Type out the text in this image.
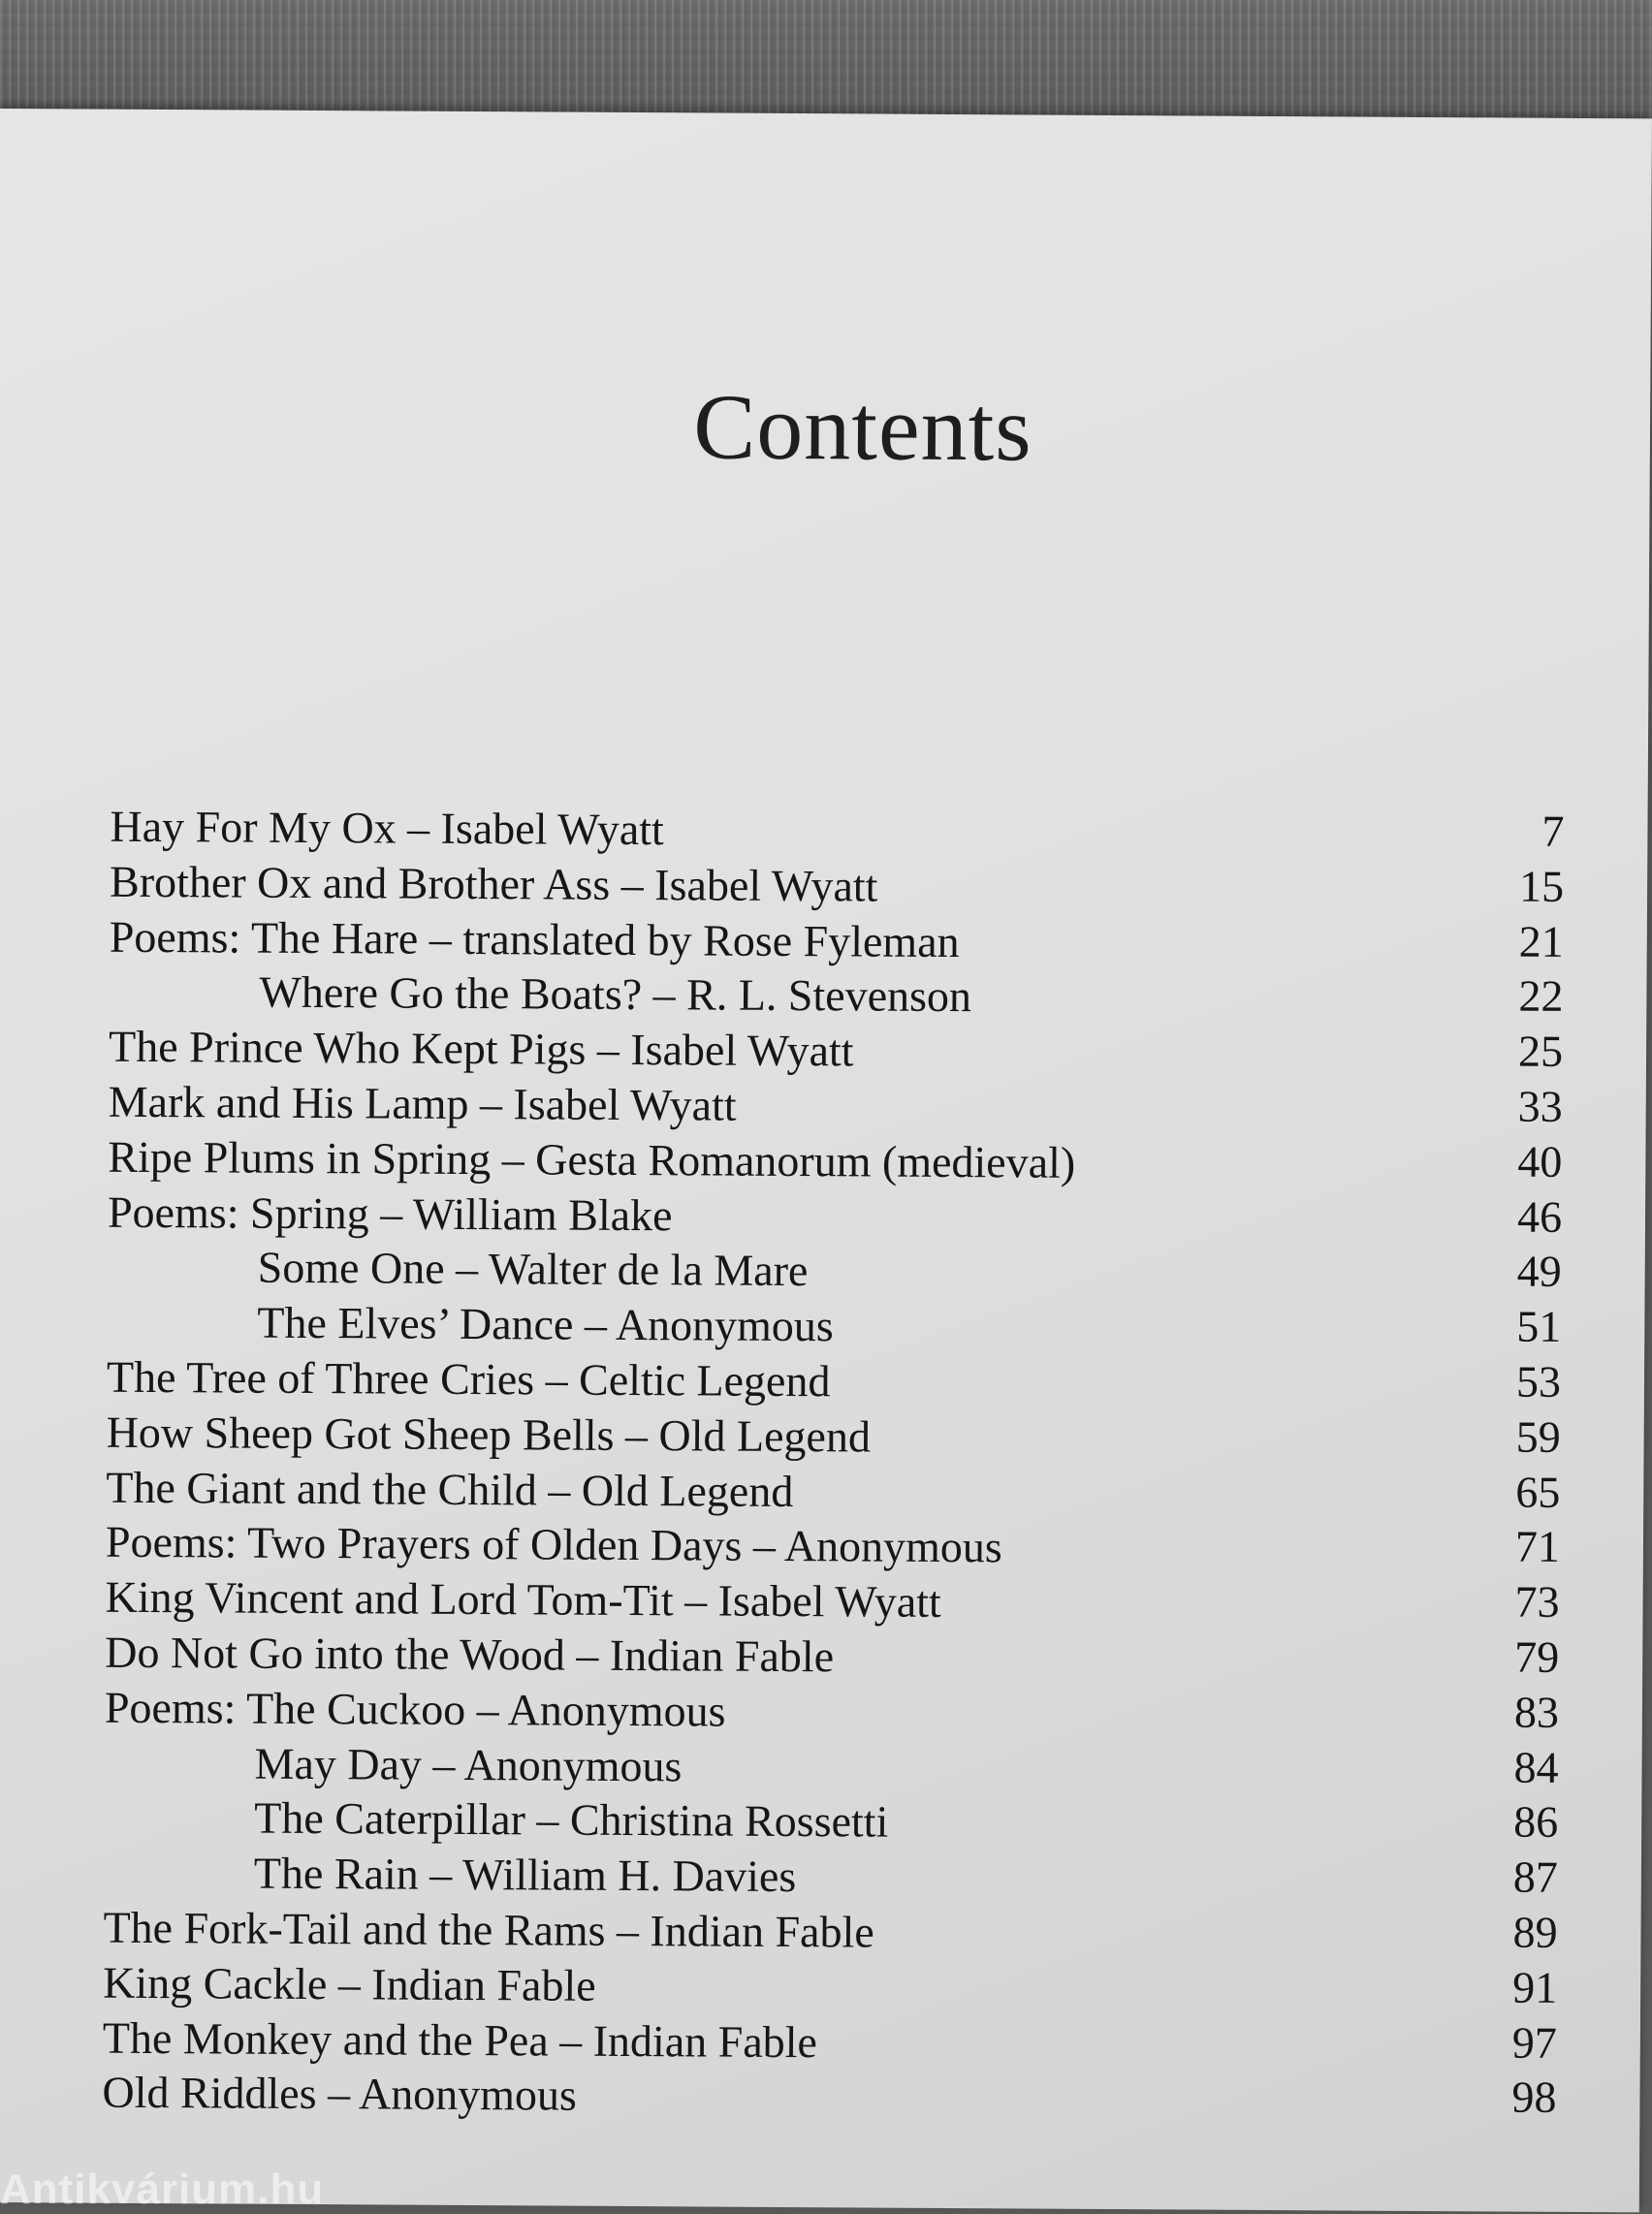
Contents
Hay For My Ox – Isabel Wyatt	7
Brother Ox and Brother Ass – Isabel Wyatt	15
Poems: The Hare – translated by Rose Fyleman	21
Where Go the Boats? – R. L. Stevenson	22
The Prince Who Kept Pigs – Isabel Wyatt	25
Mark and His Lamp – Isabel Wyatt	33
Ripe Plums in Spring – Gesta Romanorum (medieval)	40
Poems: Spring – William Blake	46
Some One – Walter de la Mare	49
The Elves’ Dance – Anonymous	51
The Tree of Three Cries – Celtic Legend	53
How Sheep Got Sheep Bells – Old Legend	59
The Giant and the Child – Old Legend	65
Poems: Two Prayers of Olden Days – Anonymous	71
King Vincent and Lord Tom-Tit – Isabel Wyatt	73
Do Not Go into the Wood – Indian Fable	79
Poems: The Cuckoo – Anonymous	83
May Day – Anonymous	84
The Caterpillar – Christina Rossetti	86
The Rain – William H. Davies	87
The Fork-Tail and the Rams – Indian Fable	89
King Cackle – Indian Fable	91
The Monkey and the Pea – Indian Fable	97
Old Riddles – Anonymous	98
Antikvárium.hu
